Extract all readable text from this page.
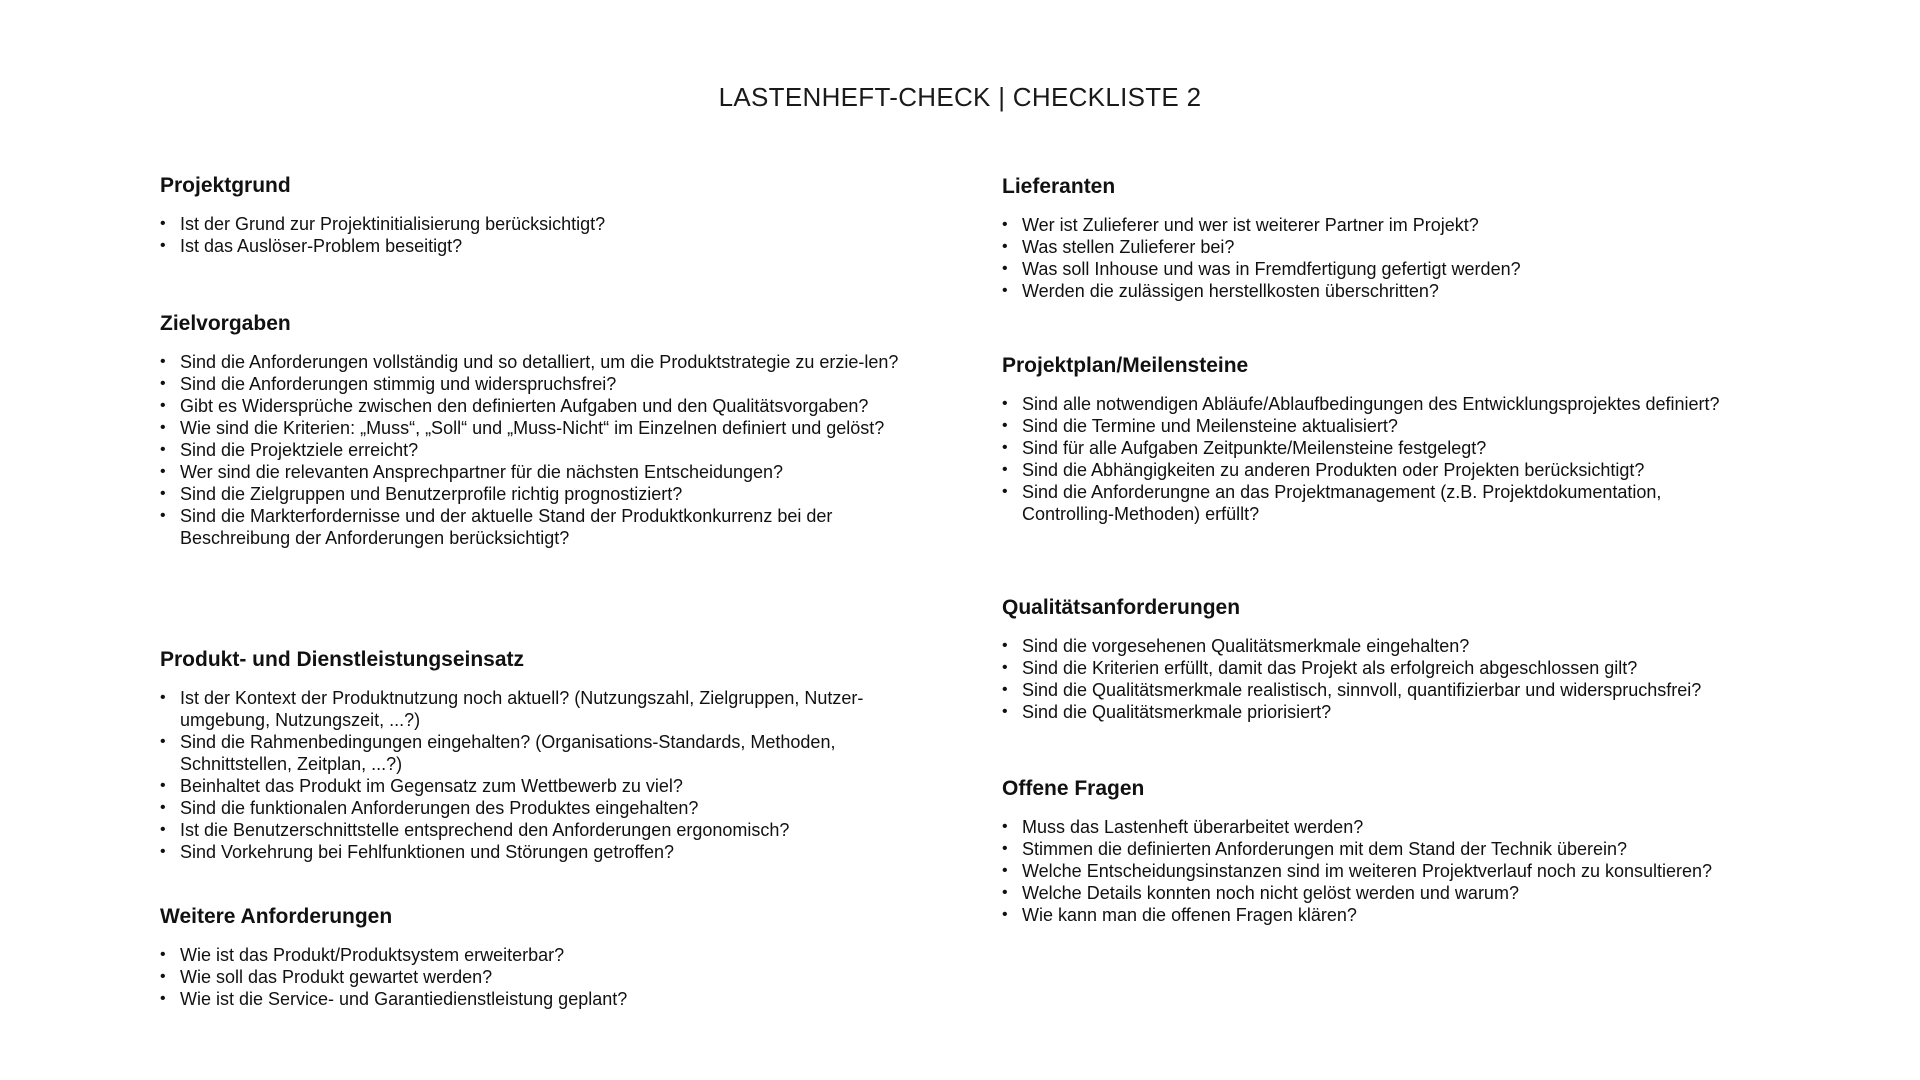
LASTENHEFT-CHECK | CHECKLISTE 2
Projektgrund
• Ist der Grund zur Projektinitialisierung berücksichtigt?
• Ist das Auslöser-Problem beseitigt?
Zielvorgaben
• Sind die Anforderungen vollständig und so detalliert, um die Produktstrategie zu erzie-len?
• Sind die Anforderungen stimmig und widerspruchsfrei?
• Gibt es Widersprüche zwischen den definierten Aufgaben und den Qualitätsvorgaben?
• Wie sind die Kriterien: „Muss“, „Soll“ und „Muss-Nicht“ im Einzelnen definiert und gelöst?
• Sind die Projektziele erreicht?
• Wer sind die relevanten Ansprechpartner für die nächsten Entscheidungen?
• Sind die Zielgruppen und Benutzerprofile richtig prognostiziert?
• Sind die Markterfordernisse und der aktuelle Stand der Produktkonkurrenz bei der Beschreibung der Anforderungen berücksichtigt?
Produkt- und Dienstleistungseinsatz
• Ist der Kontext der Produktnutzung noch aktuell? (Nutzungszahl, Zielgruppen, Nutzer-umgebung, Nutzungszeit, ...?)
• Sind die Rahmenbedingungen eingehalten? (Organisations-Standards, Methoden, Schnittstellen, Zeitplan, ...?)
• Beinhaltet das Produkt im Gegensatz zum Wettbewerb zu viel?
• Sind die funktionalen Anforderungen des Produktes eingehalten?
• Ist die Benutzerschnittstelle entsprechend den Anforderungen ergonomisch?
• Sind Vorkehrung bei Fehlfunktionen und Störungen getroffen?
Weitere Anforderungen
• Wie ist das Produkt/Produktsystem erweiterbar?
• Wie soll das Produkt gewartet werden?
• Wie ist die Service- und Garantiedienstleistung geplant?
Lieferanten
• Wer ist Zulieferer und wer ist weiterer Partner im Projekt?
• Was stellen Zulieferer bei?
• Was soll Inhouse und was in Fremdfertigung gefertigt werden?
• Werden die zulässigen herstellkosten überschritten?
Projektplan/Meilensteine
• Sind alle notwendigen Abläufe/Ablaufbedingungen des Entwicklungsprojektes definiert?
• Sind die Termine und Meilensteine aktualisiert?
• Sind für alle Aufgaben Zeitpunkte/Meilensteine festgelegt?
• Sind die Abhängigkeiten zu anderen Produkten oder Projekten berücksichtigt?
• Sind die Anforderungne an das Projektmanagement (z.B. Projektdokumentation, Controlling-Methoden) erfüllt?
Qualitätsanforderungen
• Sind die vorgesehenen Qualitätsmerkmale eingehalten?
• Sind die Kriterien erfüllt, damit das Projekt als erfolgreich abgeschlossen gilt?
• Sind die Qualitätsmerkmale realistisch, sinnvoll, quantifizierbar und widerspruchsfrei?
• Sind die Qualitätsmerkmale priorisiert?
Offene Fragen
• Muss das Lastenheft überarbeitet werden?
• Stimmen die definierten Anforderungen mit dem Stand der Technik überein?
• Welche Entscheidungsinstanzen sind im weiteren Projektverlauf noch zu konsultieren?
• Welche Details konnten noch nicht gelöst werden und warum?
• Wie kann man die offenen Fragen klären?
